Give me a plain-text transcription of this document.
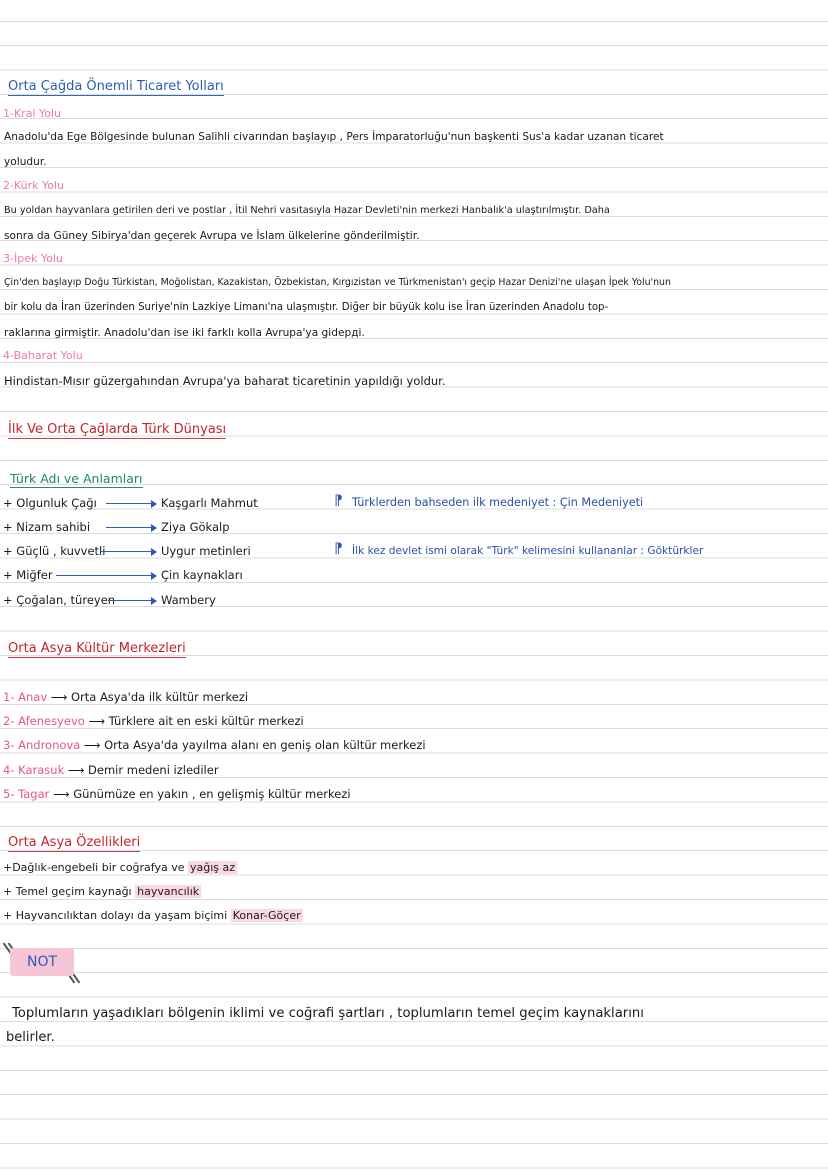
Orta Çağda Önemli Ticaret Yolları
1-Kral Yolu
Anadolu'da Ege Bölgesinde bulunan Salihli civarından başlayıp , Pers İmparatorluğu'nun başkenti Sus'a kadar uzanan ticaret
yoludur.
2-Kürk Yolu
Bu yoldan hayvanlara getirilen deri ve postlar , İtil Nehri vasıtasıyla Hazar Devleti'nin merkezi Hanbalık'a ulaştırılmıştır. Daha
sonra da Güney Sibirya'dan geçerek Avrupa ve İslam ülkelerine gönderilmiştir.
3-İpek Yolu
Çin'den başlayıp Doğu Türkistan, Moğolistan, Kazakistan, Özbekistan, Kırgızistan ve Türkmenistan'ı geçip Hazar Denizi'ne ulaşan İpek Yolu'nun
bir kolu da İran üzerinden Suriye'nin Lazkiye Limanı'na ulaşmıştır. Diğer bir büyük kolu ise İran üzerinden Anadolu top-
raklarına girmiştir. Anadolu'dan ise iki farklı kolla Avrupa'ya gidердi.
4-Baharat Yolu
Hindistan-Mısır güzergahından Avrupa'ya baharat ticaretinin yapıldığı yoldur.
İlk Ve Orta Çağlarda Türk Dünyası
Türk Adı ve Anlamları
+ Olgunluk Çağı	Kaşgarlı Mahmut
+ Nizam sahibi	Ziya Gökalp
+ Güçlü , kuvvetli	Uygur metinleri
+ Miğfer	Çin kaynakları
+ Çoğalan, türeyen	Wambery
⁋ Türklerden bahseden ilk medeniyet : Çin Medeniyeti
⁋ İlk kez devlet ismi olarak "Türk" kelimesini kullananlar : Göktürkler
Orta Asya Kültür Merkezleri
1- Anav ⟶ Orta Asya'da ilk kültür merkezi
2- Afenesyevo ⟶ Türklere ait en eski kültür merkezi
3- Andronova ⟶ Orta Asya'da yayılma alanı en geniş olan kültür merkezi
4- Karasuk ⟶ Demir medeni izlediler
5- Tagar ⟶ Günümüze en yakın , en gelişmiş kültür merkezi
Orta Asya Özellikleri
+Dağlık-engebeli bir coğrafya ve yağış az
+ Temel geçim kaynağı hayvancılık
+ Hayvancılıktan dolayı da yaşam biçimi Konar-Göçer
NOT
Toplumların yaşadıkları bölgenin iklimi ve coğrafi şartları , toplumların temel geçim kaynaklarını
belirler.
